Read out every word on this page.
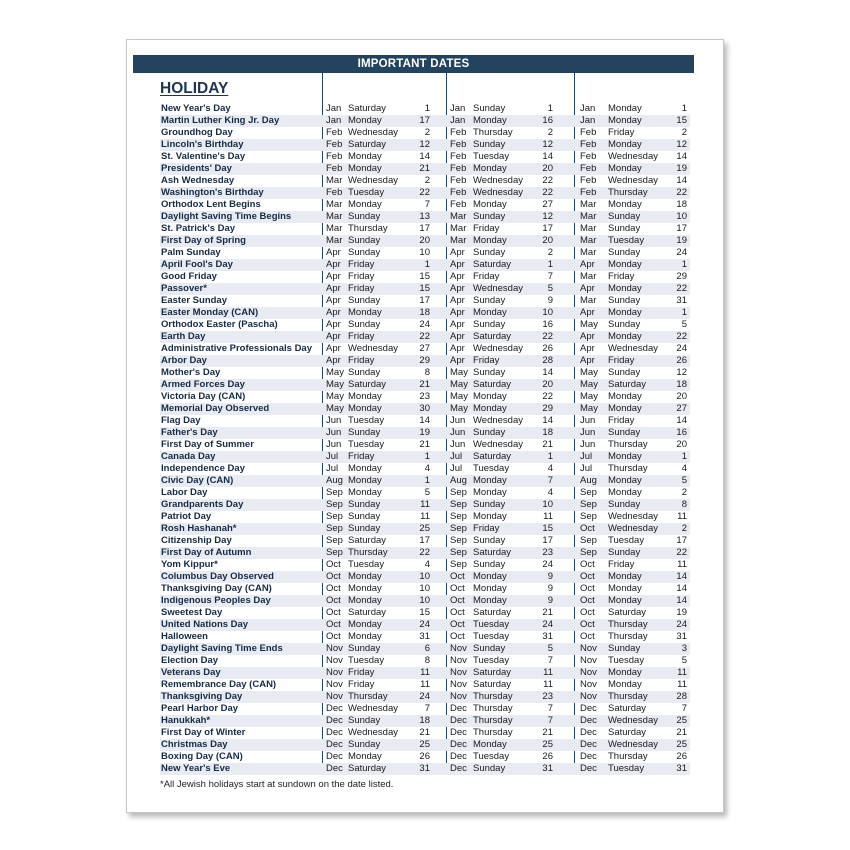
IMPORTANT DATES
HOLIDAY
New Year's Day	Jan Saturday	1 Jan Sunday	1	Jan Monday	1
Martin Luther King Jr. Day	Jan Monday	17 Jan Monday	16	Jan Monday	15
Groundhog Day	Feb Wednesday	2 Feb Thursday	2	Feb Friday	2
Lincoln's Birthday	Feb Saturday	12 Feb Sunday	12	Feb Monday	12
St. Valentine's Day	Feb Monday	14 Feb Tuesday	14	Feb Wednesday	14
Presidents' Day	Feb Monday	21 Feb Monday	20	Feb Monday	19
Ash Wednesday	Mar Wednesday	2 Feb Wednesday	22	Feb Wednesday	14
Washington's Birthday	Feb Tuesday	22 Feb Wednesday	22	Feb Thursday	22
Orthodox Lent Begins	Mar Monday	7 Feb Monday	27	Mar Monday	18
Daylight Saving Time Begins	Mar Sunday	13 Mar Sunday	12	Mar Sunday	10
St. Patrick's Day	Mar Thursday	17 Mar Friday	17	Mar Sunday	17
First Day of Spring	Mar Sunday	20 Mar Monday	20	Mar Tuesday	19
Palm Sunday	Apr Sunday	10 Apr Sunday	2	Mar Sunday	24
April Fool's Day	Apr Friday	1 Apr Saturday	1	Apr Monday	1
Good Friday	Apr Friday	15 Apr Friday	7	Mar Friday	29
Passover*	Apr Friday	15 Apr Wednesday	5	Apr Monday	22
Easter Sunday	Apr Sunday	17 Apr Sunday	9	Mar Sunday	31
Easter Monday (CAN)	Apr Monday	18 Apr Monday	10	Apr Monday	1
Orthodox Easter (Pascha)	Apr Sunday	24 Apr Sunday	16	May Sunday	5
Earth Day	Apr Friday	22 Apr Saturday	22	Apr Monday	22
Administrative Professionals Day Apr Wednesday	27 Apr Wednesday	26	Apr Wednesday	24
Arbor Day	Apr Friday	29 Apr Friday	28	Apr Friday	26
Mother's Day	May Sunday	8 May Sunday	14	May Sunday	12
Armed Forces Day	May Saturday	21 May Saturday	20	May Saturday	18
Victoria Day (CAN)	May Monday	23 May Monday	22	May Monday	20
Memorial Day Observed	May Monday	30 May Monday	29	May Monday	27
Flag Day	Jun Tuesday	14 Jun Wednesday	14	Jun Friday	14
Father's Day	Jun Sunday	19 Jun Sunday	18	Jun Sunday	16
First Day of Summer	Jun Tuesday	21 Jun Wednesday	21	Jun Thursday	20
Canada Day	Jul Friday	1 Jul Saturday	1	Jul Monday	1
Independence Day	Jul Monday	4 Jul Tuesday	4	Jul Thursday	4
Civic Day (CAN)	Aug Monday	1 Aug Monday	7	Aug Monday	5
Labor Day	Sep Monday	5 Sep Monday	4	Sep Monday	2
Grandparents Day	Sep Sunday	11 Sep Sunday	10	Sep Sunday	8
Patriot Day	Sep Sunday	11 Sep Monday	11	Sep Wednesday	11
Rosh Hashanah*	Sep Sunday	25 Sep Friday	15	Oct Wednesday	2
Citizenship Day	Sep Saturday	17 Sep Sunday	17	Sep Tuesday	17
First Day of Autumn	Sep Thursday	22 Sep Saturday	23	Sep Sunday	22
Yom Kippur*	Oct Tuesday	4 Sep Sunday	24	Oct Friday	11
Columbus Day Observed	Oct Monday	10 Oct Monday	9	Oct Monday	14
Thanksgiving Day (CAN)	Oct Monday	10 Oct Monday	9	Oct Monday	14
Indigenous Peoples Day	Oct Monday	10 Oct Monday	9	Oct Monday	14
Sweetest Day	Oct Saturday	15 Oct Saturday	21	Oct Saturday	19
United Nations Day	Oct Monday	24 Oct Tuesday	24	Oct Thursday	24
Halloween	Oct Monday	31 Oct Tuesday	31	Oct Thursday	31
Daylight Saving Time Ends	Nov Sunday	6 Nov Sunday	5	Nov Sunday	3
Election Day	Nov Tuesday	8 Nov Tuesday	7	Nov Tuesday	5
Veterans Day	Nov Friday	11 Nov Saturday	11	Nov Monday	11
Remembrance Day (CAN)	Nov Friday	11 Nov Saturday	11	Nov Monday	11
Thanksgiving Day	Nov Thursday	24 Nov Thursday	23	Nov Thursday	28
Pearl Harbor Day	Dec Wednesday	7 Dec Thursday	7	Dec Saturday	7
Hanukkah*	Dec Sunday	18 Dec Thursday	7	Dec Wednesday	25
First Day of Winter	Dec Wednesday	21 Dec Thursday	21	Dec Saturday	21
Christmas Day	Dec Sunday	25 Dec Monday	25	Dec Wednesday	25
Boxing Day (CAN)	Dec Monday	26 Dec Tuesday	26	Dec Thursday	26
New Year's Eve	Dec Saturday	31 Dec Sunday	31	Dec Tuesday	31
*All Jewish holidays start at sundown on the date listed.
